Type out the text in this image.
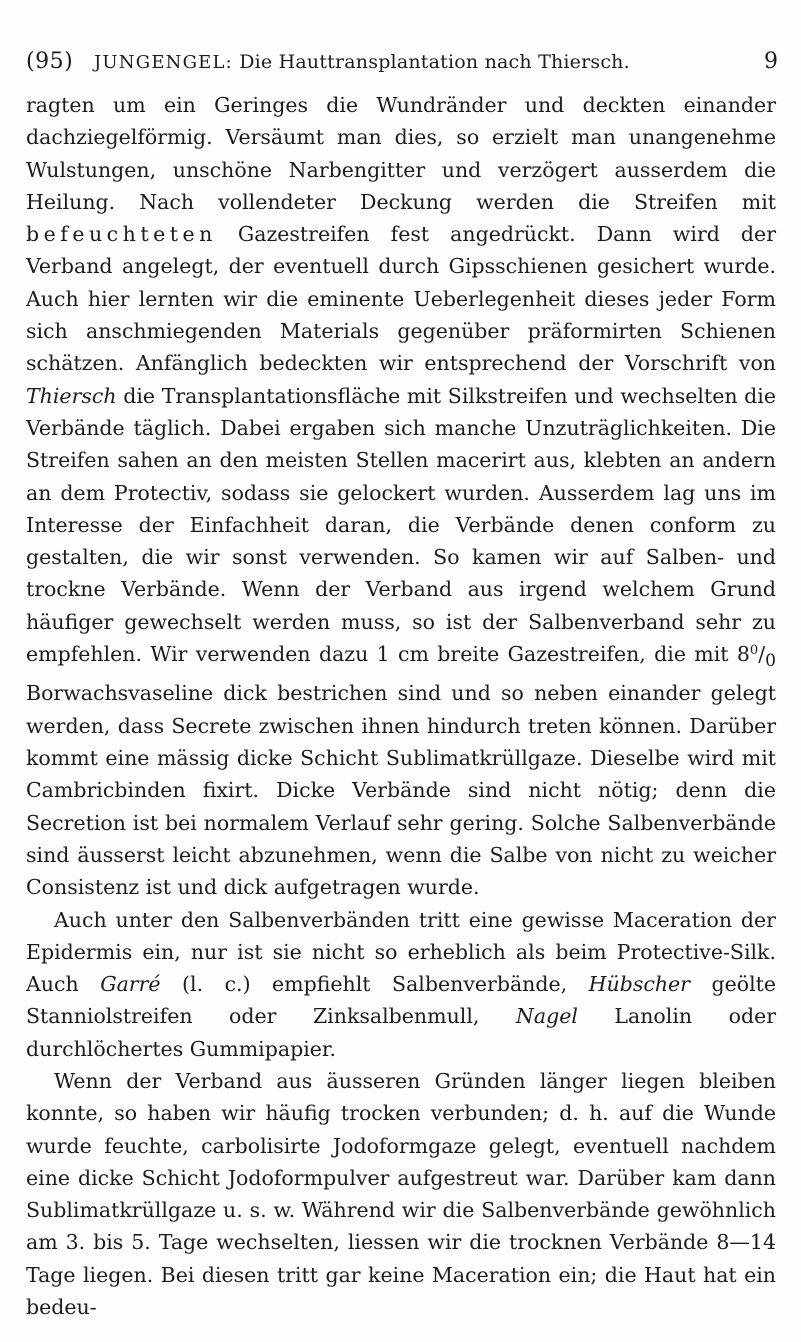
(95) JUNGENGEL: Die Hauttransplantation nach Thiersch.	9

ragten um ein Geringes die Wundränder und deckten einander dachziegelförmig. Versäumt man dies, so erzielt man unangenehme Wulstungen, unschöne Narbengitter und verzögert ausserdem die Heilung. Nach vollendeter Deckung werden die Streifen mit befeuchteten Gazestreifen fest angedrückt. Dann wird der Verband angelegt, der eventuell durch Gipsschienen gesichert wurde. Auch hier lernten wir die eminente Ueberlegenheit dieses jeder Form sich anschmiegenden Materials gegenüber präformirten Schienen schätzen. Anfänglich bedeckten wir entsprechend der Vorschrift von Thiersch die Transplantationsfläche mit Silkstreifen und wechselten die Verbände täglich. Dabei ergaben sich manche Unzuträglichkeiten. Die Streifen sahen an den meisten Stellen macerirt aus, klebten an andern an dem Protectiv, sodass sie gelockert wurden. Ausserdem lag uns im Interesse der Einfachheit daran, die Verbände denen conform zu gestalten, die wir sonst verwenden. So kamen wir auf Salben- und trockne Verbände. Wenn der Verband aus irgend welchem Grund häufiger gewechselt werden muss, so ist der Salbenverband sehr zu empfehlen. Wir verwenden dazu 1 cm breite Gazestreifen, die mit $8^0/_0$ Borwachsvaseline dick bestrichen sind und so neben einander gelegt werden, dass Secrete zwischen ihnen hindurch treten können. Darüber kommt eine mässig dicke Schicht Sublimatkrüllgaze. Dieselbe wird mit Cambricbinden fixirt. Dicke Verbände sind nicht nötig; denn die Secretion ist bei normalem Verlauf sehr gering. Solche Salbenverbände sind äusserst leicht abzunehmen, wenn die Salbe von nicht zu weicher Consistenz ist und dick aufgetragen wurde.

Auch unter den Salbenverbänden tritt eine gewisse Maceration der Epidermis ein, nur ist sie nicht so erheblich als beim Protective-Silk. Auch Garré (l. c.) empfiehlt Salbenverbände, Hübscher geölte Stanniolstreifen oder Zinksalbenmull, Nagel Lanolin oder durchlöchertes Gummipapier.

Wenn der Verband aus äusseren Gründen länger liegen bleiben konnte, so haben wir häufig trocken verbunden; d. h. auf die Wunde wurde feuchte, carbolisirte Jodoformgaze gelegt, eventuell nachdem eine dicke Schicht Jodoformpulver aufgestreut war. Darüber kam dann Sublimatkrüllgaze u. s. w. Während wir die Salbenverbände gewöhnlich am 3. bis 5. Tage wechselten, liessen wir die trocknen Verbände 8—14 Tage liegen. Bei diesen tritt gar keine Maceration ein; die Haut hat ein bedeu-
